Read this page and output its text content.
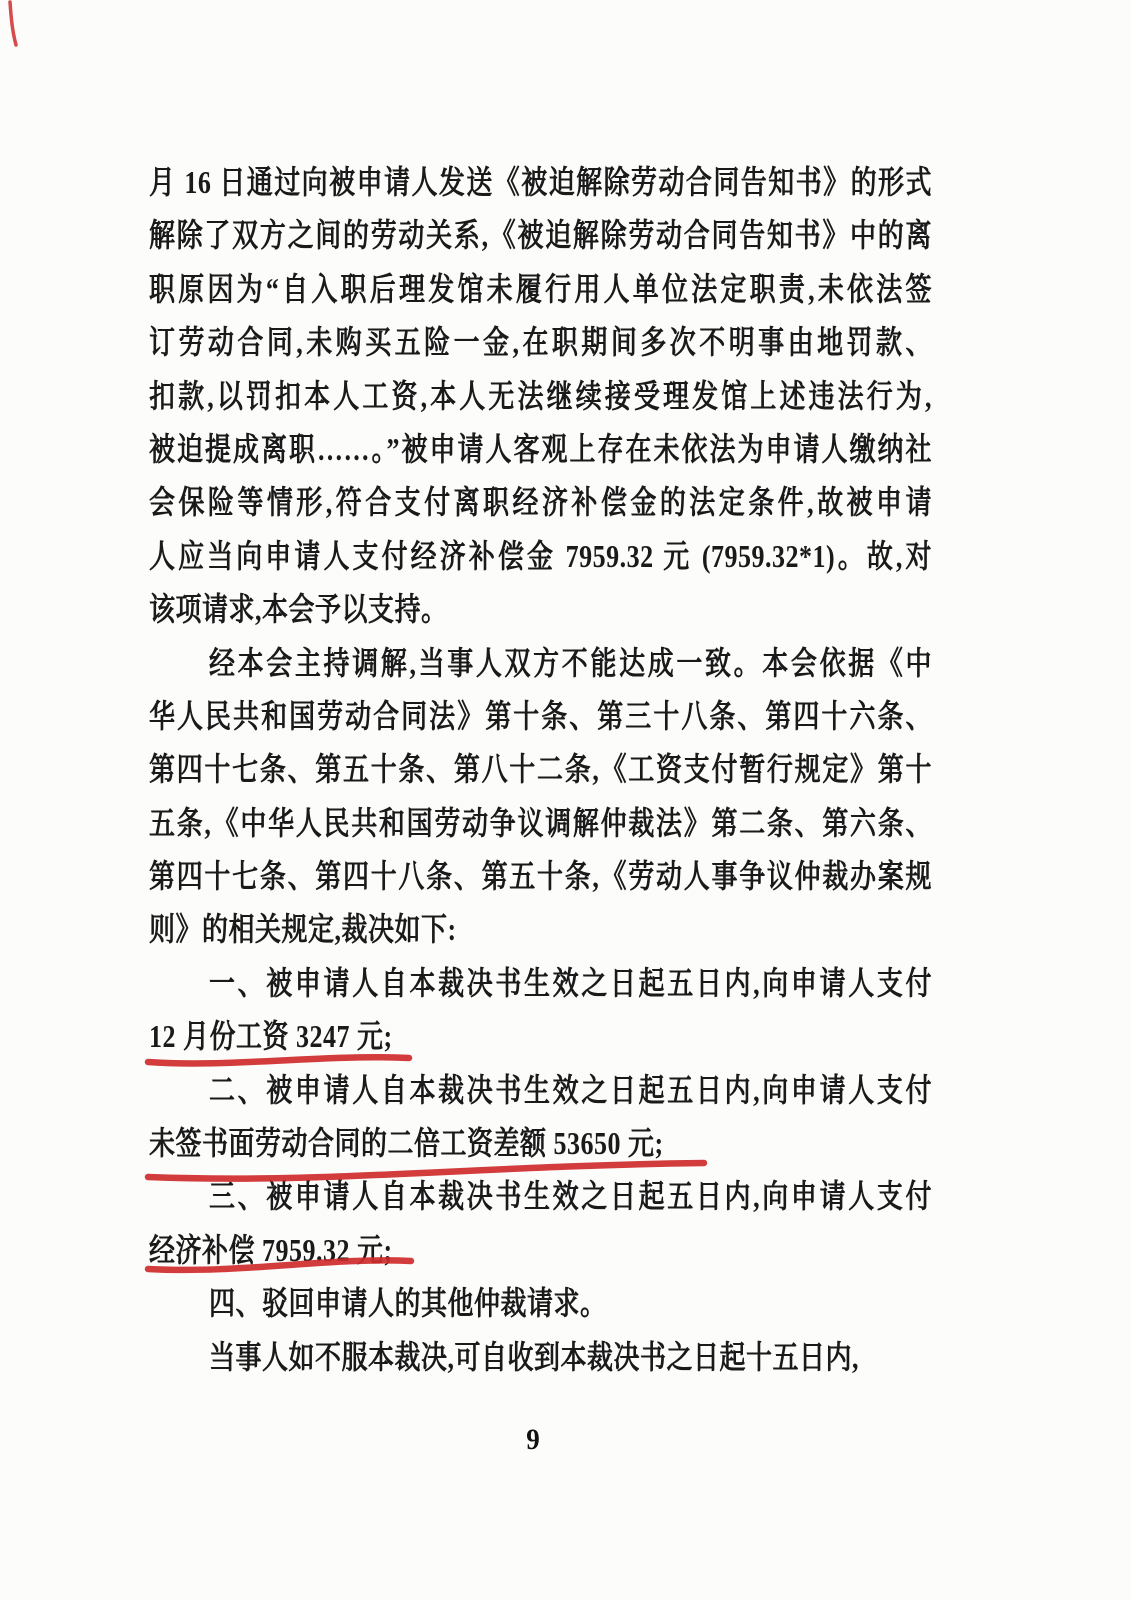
月 16 日通过向被申请人发送《被迫解除劳动合同告知书》的形式
解除了双方之间的劳动关系,《被迫解除劳动合同告知书》中的离
职原因为“自入职后理发馆未履行用人单位法定职责,未依法签
订劳动合同,未购买五险一金,在职期间多次不明事由地罚款、
扣款,以罚扣本人工资,本人无法继续接受理发馆上述违法行为,
被迫提成离职……。”被申请人客观上存在未依法为申请人缴纳社
会保险等情形,符合支付离职经济补偿金的法定条件,故被申请
人应当向申请人支付经济补偿金 7959.32 元 (7959.32*1)。故,对
该项请求,本会予以支持。
经本会主持调解,当事人双方不能达成一致。本会依据《中
华人民共和国劳动合同法》第十条、第三十八条、第四十六条、
第四十七条、第五十条、第八十二条,《工资支付暂行规定》第十
五条,《中华人民共和国劳动争议调解仲裁法》第二条、第六条、
第四十七条、第四十八条、第五十条,《劳动人事争议仲裁办案规
则》的相关规定,裁决如下:
一、被申请人自本裁决书生效之日起五日内,向申请人支付
12 月份工资 3247 元;
二、被申请人自本裁决书生效之日起五日内,向申请人支付
未签书面劳动合同的二倍工资差额 53650 元;
三、被申请人自本裁决书生效之日起五日内,向申请人支付
经济补偿 7959.32 元;
四、驳回申请人的其他仲裁请求。
当事人如不服本裁决,可自收到本裁决书之日起十五日内,
9
